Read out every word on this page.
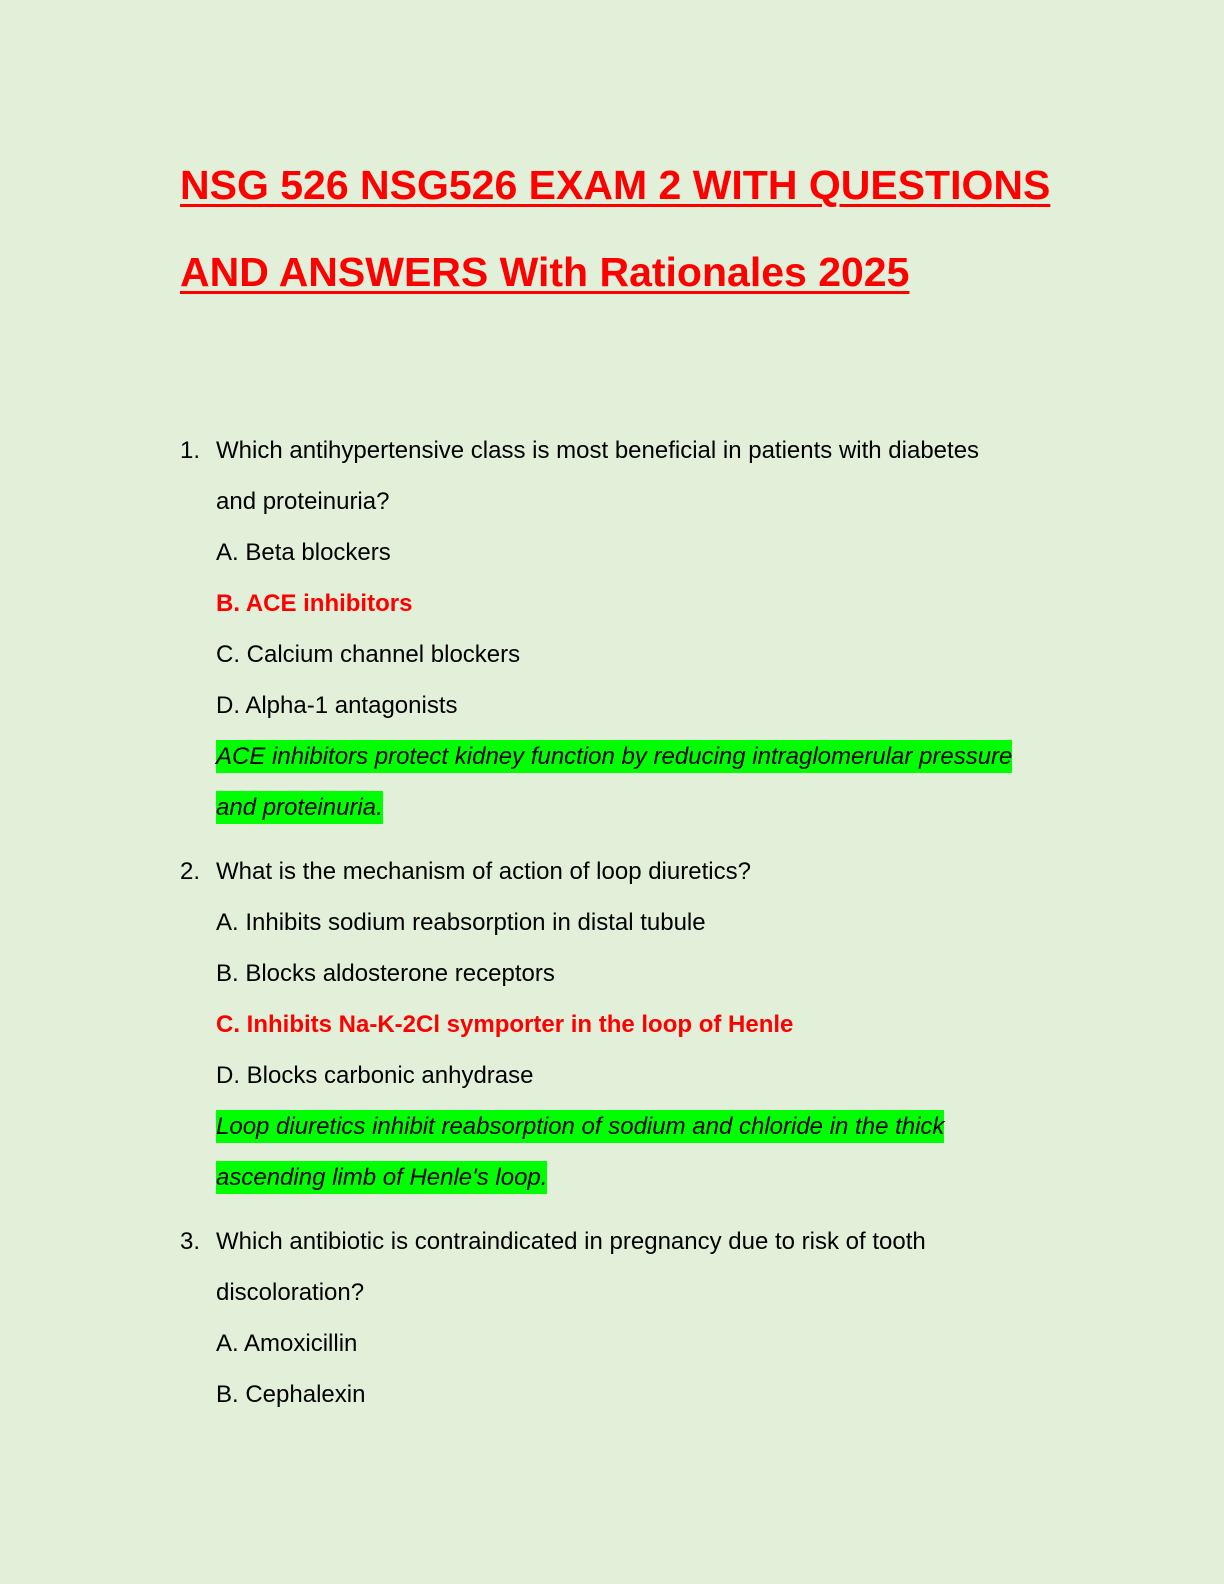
NSG 526 NSG526 EXAM 2 WITH QUESTIONS
AND ANSWERS With Rationales 2025
1. Which antihypertensive class is most beneficial in patients with diabetes
and proteinuria?
A. Beta blockers
B. ACE inhibitors
C. Calcium channel blockers
D. Alpha-1 antagonists
ACE inhibitors protect kidney function by reducing intraglomerular pressure
and proteinuria.
2. What is the mechanism of action of loop diuretics?
A. Inhibits sodium reabsorption in distal tubule
B. Blocks aldosterone receptors
C. Inhibits Na-K-2Cl symporter in the loop of Henle
D. Blocks carbonic anhydrase
Loop diuretics inhibit reabsorption of sodium and chloride in the thick
ascending limb of Henle's loop.
3. Which antibiotic is contraindicated in pregnancy due to risk of tooth
discoloration?
A. Amoxicillin
B. Cephalexin
